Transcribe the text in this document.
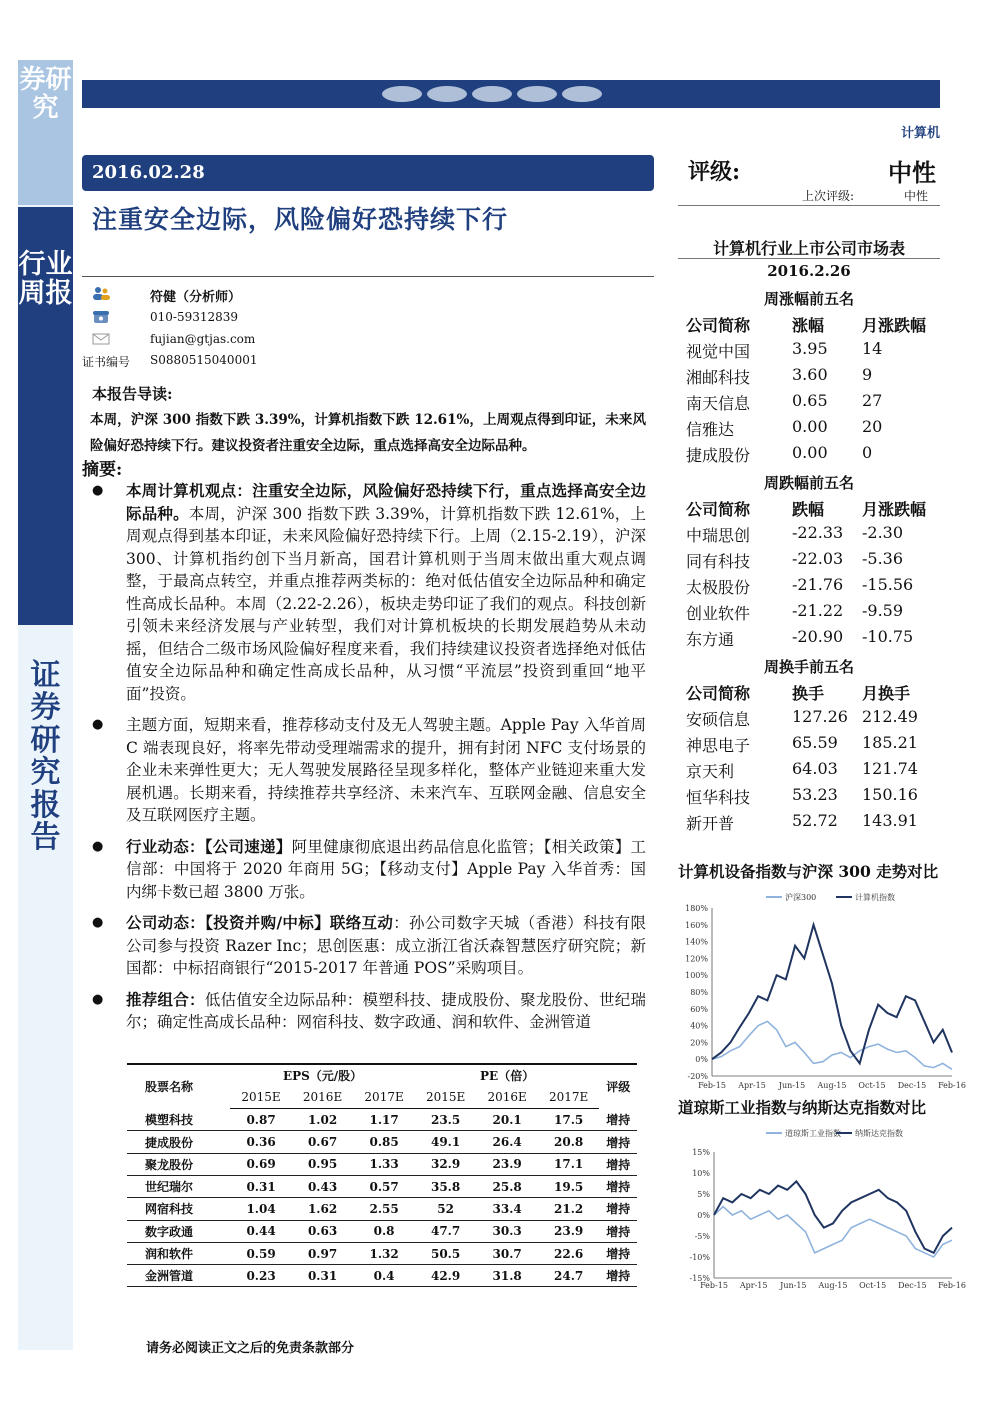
券研究
行业周报
证券研究报告
计算机
2016.02.28
注重安全边际，风险偏好恐持续下行
符健（分析师）
010-59312839
fujian@gtjas.com
证书编号 S0880515040001
本报告导读:
本周，沪深 300 指数下跌 3.39%，计算机指数下跌 12.61%，上周观点得到印证，未来风险偏好恐持续下行。建议投资者注重安全边际，重点选择高安全边际品种。
摘要:
● 本周计算机观点：注重安全边际，风险偏好恐持续下行，重点选择高安全边际品种。本周，沪深 300 指数下跌 3.39%，计算机指数下跌 12.61%，上周观点得到基本印证，未来风险偏好恐持续下行。上周（2.15-2.19），沪深 300、计算机指约创下当月新高，国君计算机则于当周末做出重大观点调整，于最高点转空，并重点推荐两类标的：绝对低估值安全边际品种和确定性高成长品种。本周（2.22-2.26），板块走势印证了我们的观点。科技创新引领未来经济发展与产业转型，我们对计算机板块的长期发展趋势从未动摇，但结合二级市场风险偏好程度来看，我们持续建议投资者选择绝对低估值安全边际品种和确定性高成长品种，从习惯“平流层”投资到重回“地平面”投资。
● 主题方面，短期来看，推荐移动支付及无人驾驶主题。Apple Pay 入华首周 C 端表现良好，将率先带动受理端需求的提升，拥有封闭 NFC 支付场景的企业未来弹性更大；无人驾驶发展路径呈现多样化，整体产业链迎来重大发展机遇。长期来看，持续推荐共享经济、未来汽车、互联网金融、信息安全及互联网医疗主题。
● 行业动态：【公司速递】阿里健康彻底退出药品信息化监管；【相关政策】工信部：中国将于 2020 年商用 5G；【移动支付】Apple Pay 入华首秀：国内绑卡数已超 3800 万张。
● 公司动态：【投资并购/中标】联络互动：孙公司数字天城（香港）科技有限公司参与投资 Razer Inc；思创医惠：成立浙江省沃森智慧医疗研究院；新国都：中标招商银行“2015-2017 年普通 POS”采购项目。
● 推荐组合：低估值安全边际品种：模塑科技、捷成股份、聚龙股份、世纪瑞尔；确定性高成长品种：网宿科技、数字政通、润和软件、金洲管道
股票名称	EPS（元/股）			PE（倍）			评级
	2015E	2016E	2017E	2015E	2016E	2017E	
模塑科技	0.87	1.02	1.17	23.5	20.1	17.5	增持
捷成股份	0.36	0.67	0.85	49.1	26.4	20.8	增持
聚龙股份	0.69	0.95	1.33	32.9	23.9	17.1	增持
世纪瑞尔	0.31	0.43	0.57	35.8	25.8	19.5	增持
网宿科技	1.04	1.62	2.55	52	33.4	21.2	增持
数字政通	0.44	0.63	0.8	47.7	30.3	23.9	增持
润和软件	0.59	0.97	1.32	50.5	30.7	22.6	增持
金洲管道	0.23	0.31	0.4	42.9	31.8	24.7	增持
请务必阅读正文之后的免责条款部分
评级:	中性
上次评级:	中性
计算机行业上市公司市场表
2016.2.26
周涨幅前五名
公司简称	涨幅 月涨跌幅
视觉中国	3.95 14
湘邮科技	3.60 9
南天信息	0.65 27
信雅达	0.00 20
捷成股份	0.00 0
周跌幅前五名
公司简称	跌幅 月涨跌幅
中瑞思创	-22.33 -2.30
同有科技	-22.03 -5.36
太极股份	-21.76 -15.56
创业软件	-21.22 -9.59
东方通	-20.90 -10.75
周换手前五名
公司简称	换手 月换手
安硕信息	127.26 212.49
神思电子	65.59 185.21
京天利	64.03 121.74
恒华科技	53.23 150.16
新开普	52.72 143.91
计算机设备指数与沪深 300 走势对比
沪深300	计算机指数
-20%
0%
20%
40%
60%
80%
100%
120%
140%
160%
180%
Feb-15 Apr-15 Jun-15 Aug-15 Oct-15 Dec-15 Feb-16
道琼斯工业指数与纳斯达克指数对比
道琼斯工业指数 纳斯达克指数
-15%
-10%
-5%
0%
5%
10%
15%
Feb-15 Apr-15 Jun-15 Aug-15 Oct-15 Dec-15 Feb-16
